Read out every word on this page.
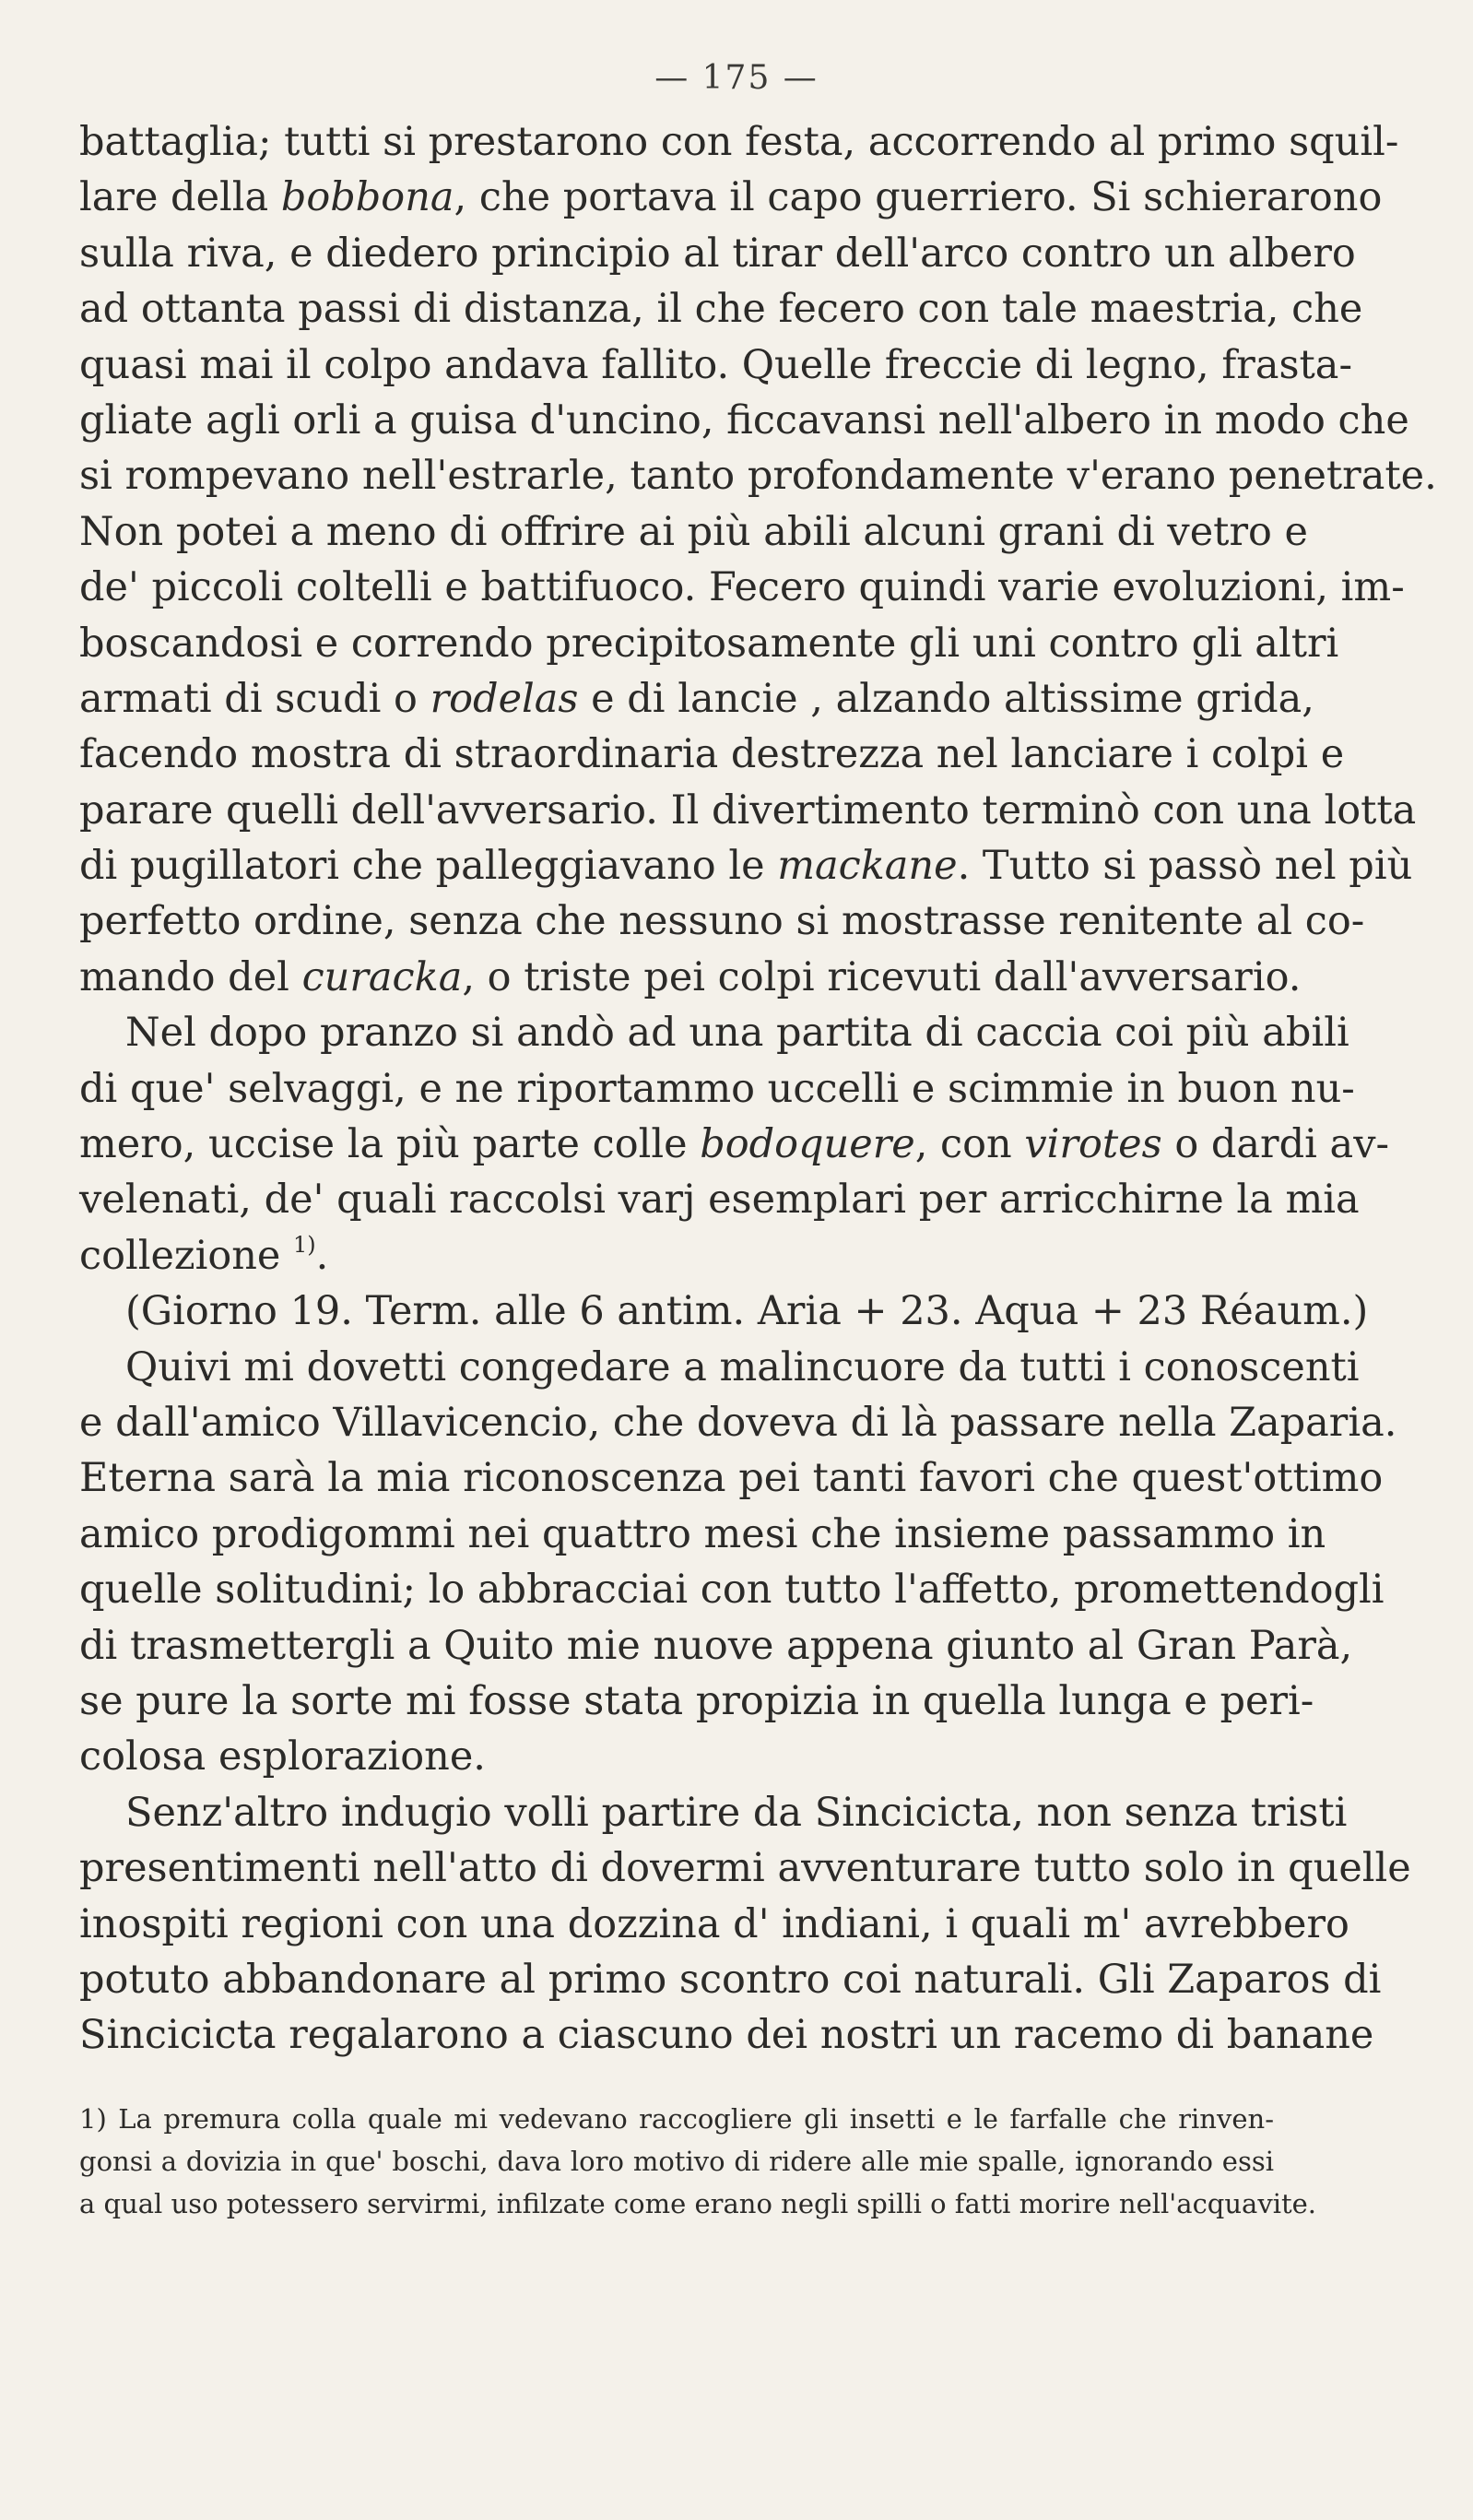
— 175 —
battaglia; tutti si prestarono con festa, accorrendo al primo squil-
lare della bobbona, che portava il capo guerriero. Si schierarono
sulla riva, e diedero principio al tirar dell'arco contro un albero
ad ottanta passi di distanza, il che fecero con tale maestria, che
quasi mai il colpo andava fallito. Quelle freccie di legno, frasta-
gliate agli orli a guisa d'uncino, ficcavansi nell'albero in modo che
si rompevano nell'estrarle, tanto profondamente v'erano penetrate.
Non potei a meno di offrire ai più abili alcuni grani di vetro e
de' piccoli coltelli e battifuoco. Fecero quindi varie evoluzioni, im-
boscandosi e correndo precipitosamente gli uni contro gli altri
armati di scudi o rodelas e di lancie , alzando altissime grida,
facendo mostra di straordinaria destrezza nel lanciare i colpi e
parare quelli dell'avversario. Il divertimento terminò con una lotta
di pugillatori che palleggiavano le mackane. Tutto si passò nel più
perfetto ordine, senza che nessuno si mostrasse renitente al co-
mando del curacka, o triste pei colpi ricevuti dall'avversario.
Nel dopo pranzo si andò ad una partita di caccia coi più abili
di que' selvaggi, e ne riportammo uccelli e scimmie in buon nu-
mero, uccise la più parte colle bodoquere, con virotes o dardi av-
velenati, de' quali raccolsi varj esemplari per arricchirne la mia
collezione $^{1)}$.
(Giorno 19. Term. alle 6 antim. Aria + 23. Aqua + 23 Réaum.)
Quivi mi dovetti congedare a malincuore da tutti i conoscenti
e dall'amico Villavicencio, che doveva di là passare nella Zaparia.
Eterna sarà la mia riconoscenza pei tanti favori che quest'ottimo
amico prodigommi nei quattro mesi che insieme passammo in
quelle solitudini; lo abbracciai con tutto l'affetto, promettendogli
di trasmettergli a Quito mie nuove appena giunto al Gran Parà,
se pure la sorte mi fosse stata propizia in quella lunga e peri-
colosa esplorazione.
Senz'altro indugio volli partire da Sincicicta, non senza tristi
presentimenti nell'atto di dovermi avventurare tutto solo in quelle
inospiti regioni con una dozzina d' indiani, i quali m' avrebbero
potuto abbandonare al primo scontro coi naturali. Gli Zaparos di
Sincicicta regalarono a ciascuno dei nostri un racemo di banane
1) La premura colla quale mi vedevano raccogliere gli insetti e le farfalle che rinven-
gonsi a dovizia in que' boschi, dava loro motivo di ridere alle mie spalle, ignorando essi
a qual uso potessero servirmi, infilzate come erano negli spilli o fatti morire nell'acquavite.
